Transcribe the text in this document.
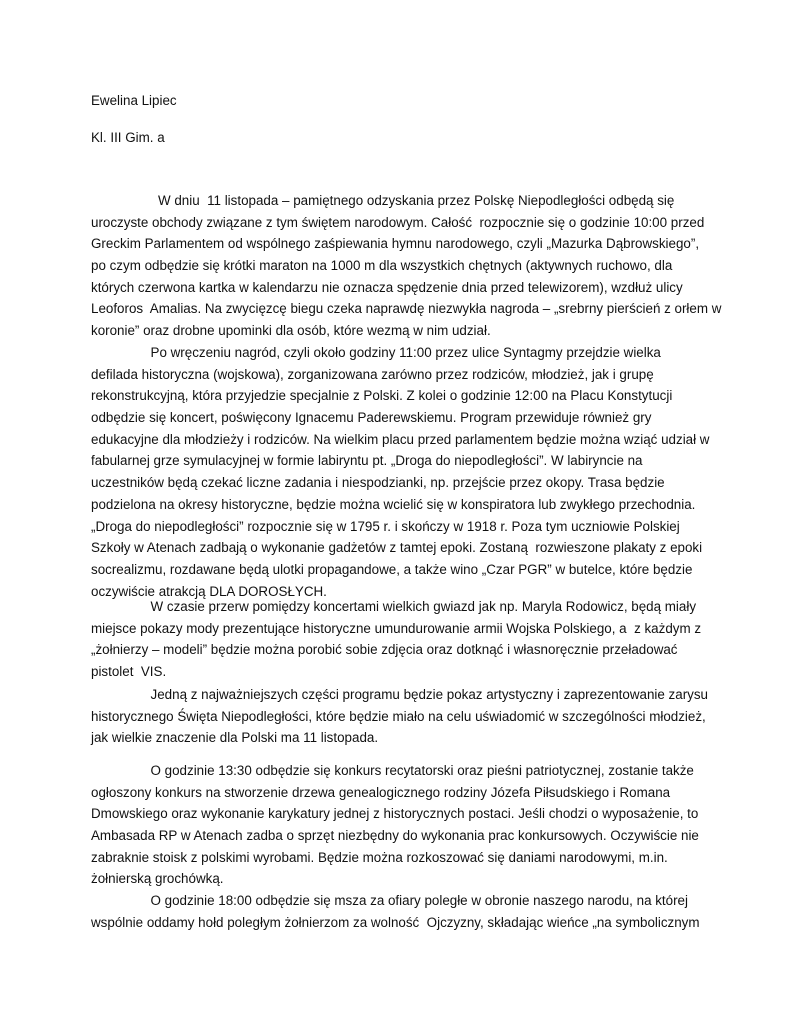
Ewelina Lipiec
Kl. III Gim. a
W dniu  11 listopada – pamiętnego odzyskania przez Polskę Niepodległości odbędą się
uroczyste obchody związane z tym świętem narodowym. Całość  rozpocznie się o godzinie 10:00 przed
Greckim Parlamentem od wspólnego zaśpiewania hymnu narodowego, czyli „Mazurka Dąbrowskiego”,
po czym odbędzie się krótki maraton na 1000 m dla wszystkich chętnych (aktywnych ruchowo, dla
których czerwona kartka w kalendarzu nie oznacza spędzenie dnia przed telewizorem), wzdłuż ulicy
Leoforos  Amalias. Na zwycięzcę biegu czeka naprawdę niezwykła nagroda – „srebrny pierścień z orłem w
koronie” oraz drobne upominki dla osób, które wezmą w nim udział.
Po wręczeniu nagród, czyli około godziny 11:00 przez ulice Syntagmy przejdzie wielka
defilada historyczna (wojskowa), zorganizowana zarówno przez rodziców, młodzież, jak i grupę
rekonstrukcyjną, która przyjedzie specjalnie z Polski. Z kolei o godzinie 12:00 na Placu Konstytucji
odbędzie się koncert, poświęcony Ignacemu Paderewskiemu. Program przewiduje również gry
edukacyjne dla młodzieży i rodziców. Na wielkim placu przed parlamentem będzie można wziąć udział w
fabularnej grze symulacyjnej w formie labiryntu pt. „Droga do niepodległości”. W labiryncie na
uczestników będą czekać liczne zadania i niespodzianki, np. przejście przez okopy. Trasa będzie
podzielona na okresy historyczne, będzie można wcielić się w konspiratora lub zwykłego przechodnia.
„Droga do niepodległości” rozpocznie się w 1795 r. i skończy w 1918 r. Poza tym uczniowie Polskiej
Szkoły w Atenach zadbają o wykonanie gadżetów z tamtej epoki. Zostaną  rozwieszone plakaty z epoki
socrealizmu, rozdawane będą ulotki propagandowe, a także wino „Czar PGR” w butelce, które będzie
oczywiście atrakcją DLA DOROSŁYCH.
W czasie przerw pomiędzy koncertami wielkich gwiazd jak np. Maryla Rodowicz, będą miały
miejsce pokazy mody prezentujące historyczne umundurowanie armii Wojska Polskiego, a  z każdym z
„żołnierzy – modeli” będzie można porobić sobie zdjęcia oraz dotknąć i własnoręcznie przeładować
pistolet  VIS.
Jedną z najważniejszych części programu będzie pokaz artystyczny i zaprezentowanie zarysu
historycznego Święta Niepodległości, które będzie miało na celu uświadomić w szczególności młodzież,
jak wielkie znaczenie dla Polski ma 11 listopada.
O godzinie 13:30 odbędzie się konkurs recytatorski oraz pieśni patriotycznej, zostanie także
ogłoszony konkurs na stworzenie drzewa genealogicznego rodziny Józefa Piłsudskiego i Romana
Dmowskiego oraz wykonanie karykatury jednej z historycznych postaci. Jeśli chodzi o wyposażenie, to
Ambasada RP w Atenach zadba o sprzęt niezbędny do wykonania prac konkursowych. Oczywiście nie
zabraknie stoisk z polskimi wyrobami. Będzie można rozkoszować się daniami narodowymi, m.in.
żołnierską grochówką.
O godzinie 18:00 odbędzie się msza za ofiary poległe w obronie naszego narodu, na której
wspólnie oddamy hołd poległym żołnierzom za wolność  Ojczyzny, składając wieńce „na symbolicznym
